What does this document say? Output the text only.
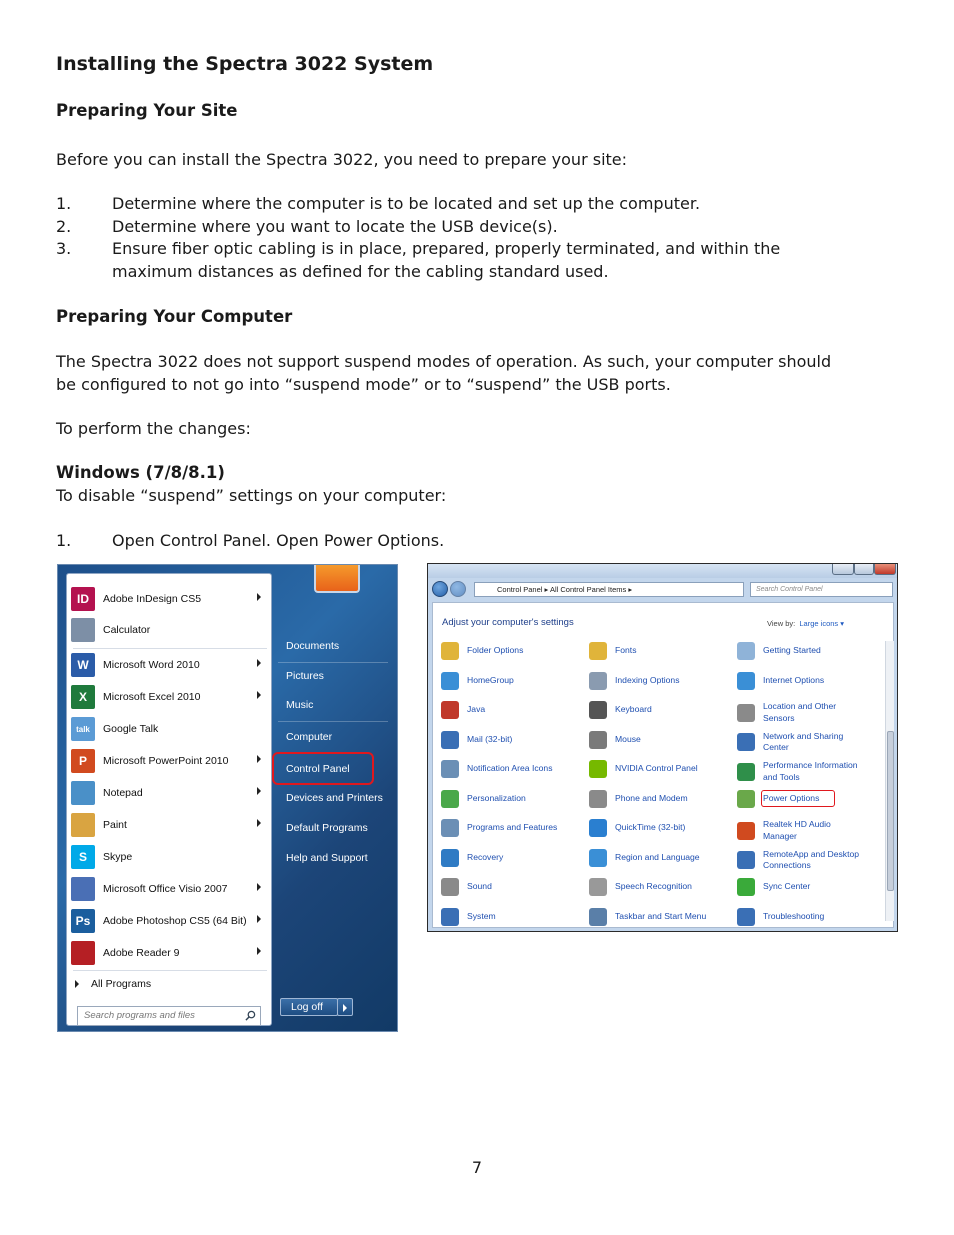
Installing the Spectra 3022 System
Preparing Your Site
Before you can install the Spectra 3022, you need to prepare your site:
1.	Determine where the computer is to be located and set up the computer.
2.	Determine where you want to locate the USB device(s).
3.	Ensure fiber optic cabling is in place, prepared, properly terminated, and within the maximum distances as defined for the cabling standard used.
Preparing Your Computer
The Spectra 3022 does not support suspend modes of operation. As such, your computer should be configured to not go into “suspend mode” or to “suspend” the USB ports.
To perform the changes:
Windows (7/8/8.1)
To disable “suspend” settings on your computer:
1.	Open Control Panel. Open Power Options.
ID	Adobe InDesign CS5
Calculator
W	Microsoft Word 2010
X	Microsoft Excel 2010
talk	Google Talk
P	Microsoft PowerPoint 2010
Notepad
Paint
S	Skype
Microsoft Office Visio 2007
Ps	Adobe Photoshop CS5 (64 Bit)
Adobe Reader 9
All Programs
Search programs and files
Log off
Documents
Pictures
Music
Computer
Control Panel
Devices and Printers
Default Programs
Help and Support
Control Panel ▸ All Control Panel Items ▸	Search Control Panel
Adjust your computer's settings	View by: Large icons ▾
Folder Options
HomeGroup
Java
Mail (32-bit)
Notification Area Icons
Personalization
Programs and Features
Recovery
Sound
System
Fonts
Indexing Options
Keyboard
Mouse
NVIDIA Control Panel
Phone and Modem
QuickTime (32-bit)
Region and Language
Speech Recognition
Taskbar and Start Menu
Getting Started
Internet Options
Location and Other Sensors
Network and Sharing Center
Performance Information and Tools
Power Options
Realtek HD Audio Manager
RemoteApp and Desktop Connections
Sync Center
Troubleshooting
7
